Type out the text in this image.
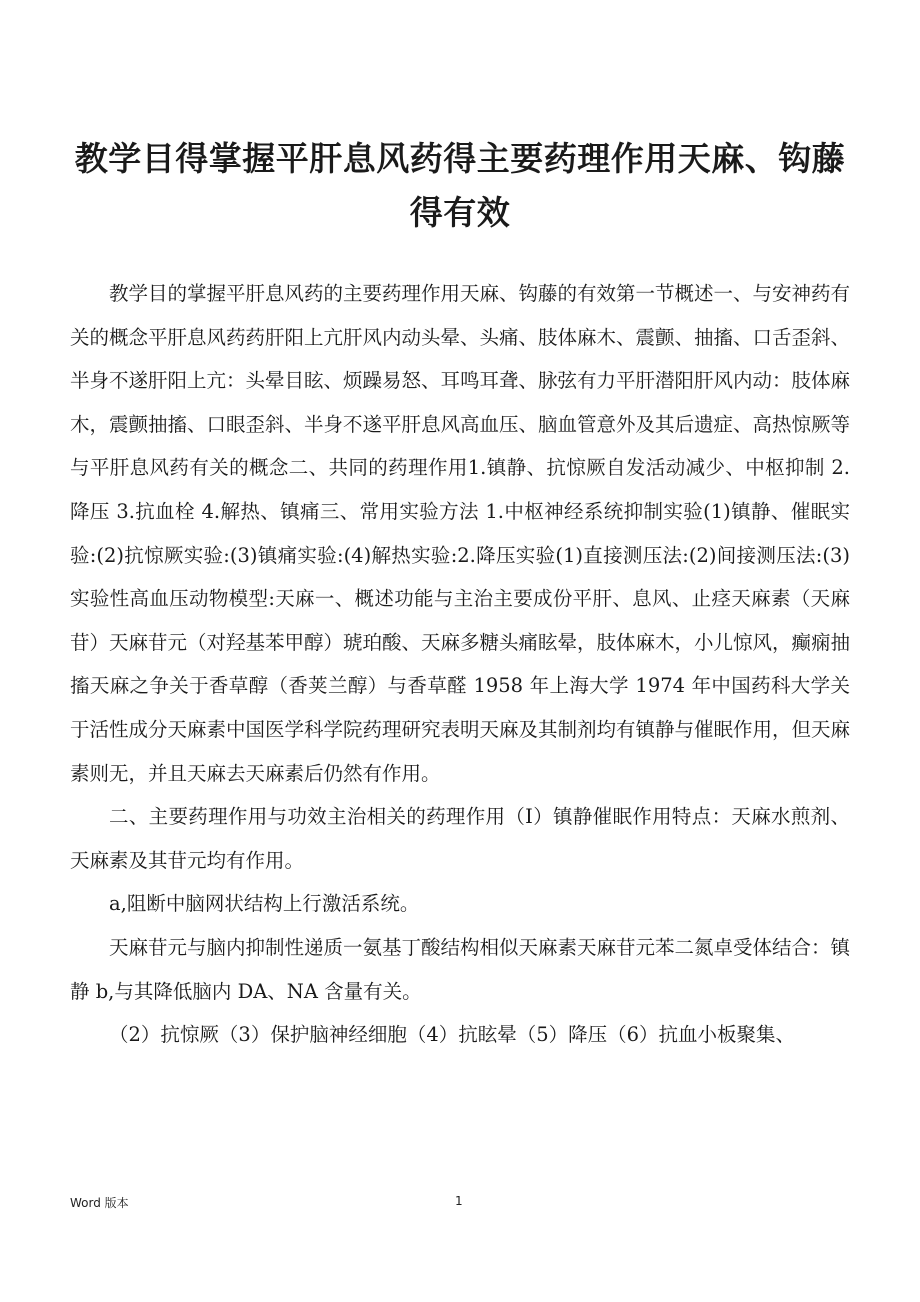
教学目得掌握平肝息风药得主要药理作用天麻、钩藤得有效

教学目的掌握平肝息风药的主要药理作用天麻、钩藤的有效第一节概述一、与安神药有关的概念平肝息风药药肝阳上亢肝风内动头晕、头痛、肢体麻木、震颤、抽搐、口舌歪斜、半身不遂肝阳上亢：头晕目眩、烦躁易怒、耳鸣耳聋、脉弦有力平肝潜阳肝风内动：肢体麻木，震颤抽搐、口眼歪斜、半身不遂平肝息风高血压、脑血管意外及其后遗症、高热惊厥等与平肝息风药有关的概念二、共同的药理作用1.镇静、抗惊厥自发活动减少、中枢抑制 2.降压 3.抗血栓 4.解热、镇痛三、常用实验方法 1.中枢神经系统抑制实验(1)镇静、催眠实验:(2)抗惊厥实验:(3)镇痛实验:(4)解热实验:2.降压实验(1)直接测压法:(2)间接测压法:(3)实验性高血压动物模型:天麻一、概述功能与主治主要成份平肝、息风、止痉天麻素（天麻苷）天麻苷元（对羟基苯甲醇）琥珀酸、天麻多糖头痛眩晕，肢体麻木，小儿惊风，癫痫抽搐天麻之争关于香草醇（香荚兰醇）与香草醛 1958 年上海大学 1974 年中国药科大学关于活性成分天麻素中国医学科学院药理研究表明天麻及其制剂均有镇静与催眠作用，但天麻素则无，并且天麻去天麻素后仍然有作用。

二、主要药理作用与功效主治相关的药理作用（I）镇静催眠作用特点：天麻水煎剂、天麻素及其苷元均有作用。

a,阻断中脑网状结构上行激活系统。

天麻苷元与脑内抑制性递质一氨基丁酸结构相似天麻素天麻苷元苯二氮卓受体结合：镇静 b,与其降低脑内 DA、NA 含量有关。

（2）抗惊厥（3）保护脑神经细胞（4）抗眩晕（5）降压（6）抗血小板聚集、

Word 版本	1
